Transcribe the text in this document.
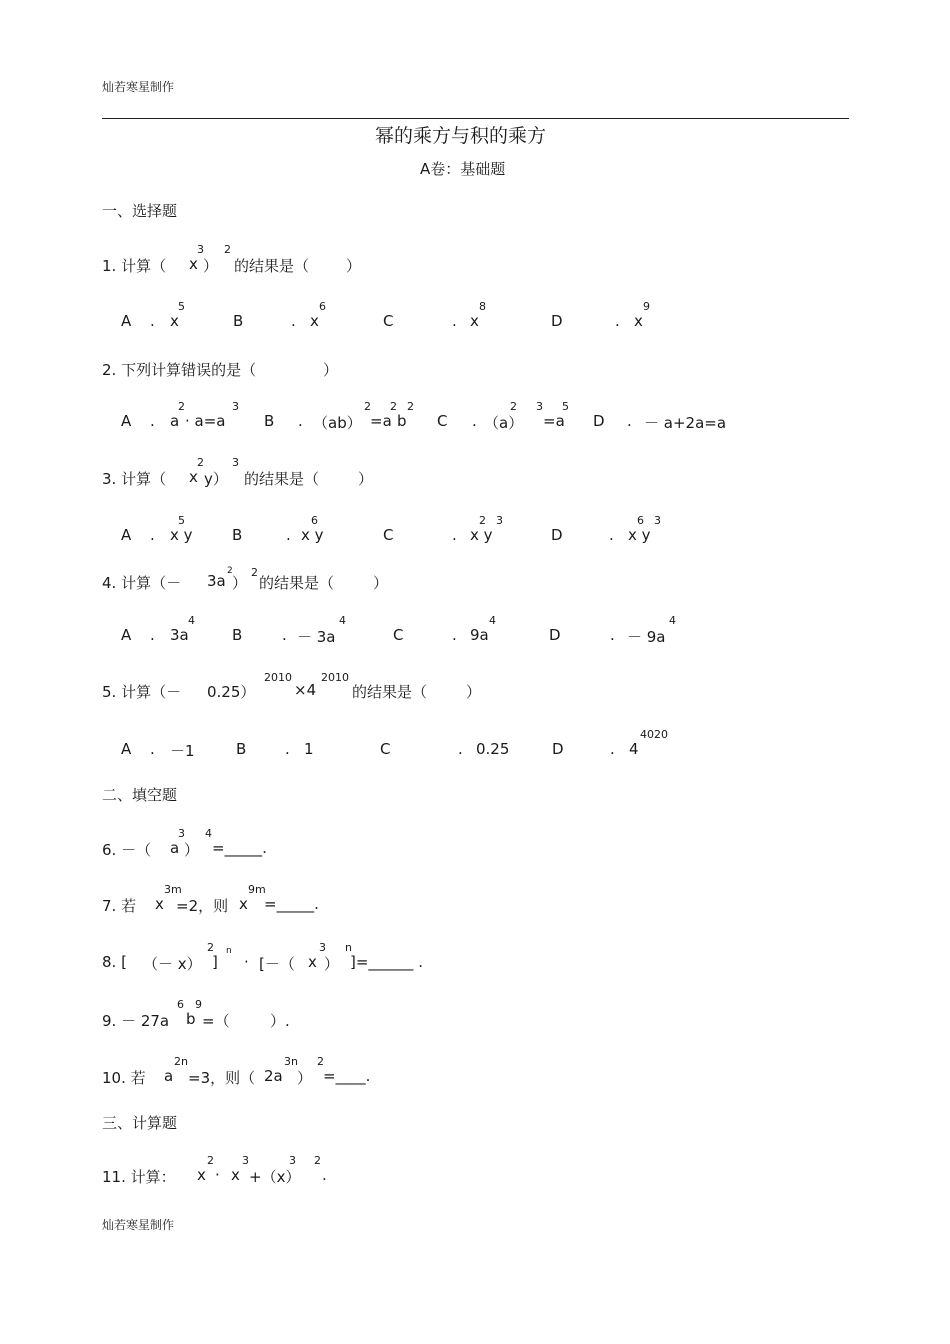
灿若寒星制作
幂的乘方与积的乘方
A卷：基础题
一、选择题
1. 计算（ x
3
）
2
的结果是（ ）
A . x
5
B	. x
6
C	. x
8
D	. x
9
2. 下列计算错误的是（	）
A . a
2
· a=a
3
B . （ab）
2
=a
2
b
2
C . （a）
2 3
=a
5
D . － a+2a=a
3. 计算（ x
2
y）
3
的结果是（	）
A . x y
5
B	. x y
6
C	. x y
2 3
D	. x y
6 3
4. 计算（－ 3a
2
）
2
的结果是（	）
A . 3a
4
B	. － 3a
4
C	. 9a
4
D	. － 9a
4
5. 计算（－ 0.25）
2010
×4
2010
的结果是（	）
A . －1	B	. 1	C	. 0.25	D	. 4
4020
二、填空题
6. －（ a
3
）
4
=_____.
7. 若 x
3m
=2，则 x
9m
=_____.
8. [ （－ x）
2
]
n
· [－（ x
3
）
n
]=______ .
9. － 27a
6
b
9
=（	）.
10. 若 a
2n
=3，则（ 2a
3n
）
2
=____.
三、计算题
11. 计算： x
2
· x
3
+（x）
3 2
.
灿若寒星制作
